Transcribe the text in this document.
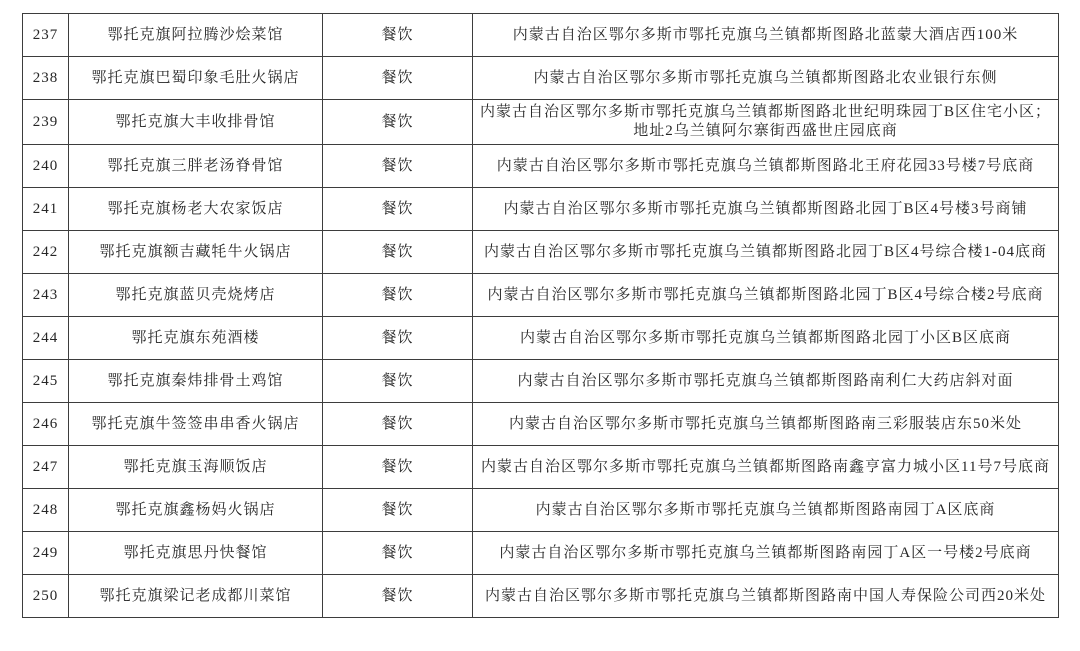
237	鄂托克旗阿拉腾沙烩菜馆	餐饮	内蒙古自治区鄂尔多斯市鄂托克旗乌兰镇都斯图路北蓝蒙大酒店西100米
238	鄂托克旗巴蜀印象毛肚火锅店	餐饮	内蒙古自治区鄂尔多斯市鄂托克旗乌兰镇都斯图路北农业银行东侧
239	鄂托克旗大丰收排骨馆	餐饮	内蒙古自治区鄂尔多斯市鄂托克旗乌兰镇都斯图路北世纪明珠园丁B区住宅小区； 地址2乌兰镇阿尔寨街西盛世庄园底商
240	鄂托克旗三胖老汤脊骨馆	餐饮	内蒙古自治区鄂尔多斯市鄂托克旗乌兰镇都斯图路北王府花园33号楼7号底商
241	鄂托克旗杨老大农家饭店	餐饮	内蒙古自治区鄂尔多斯市鄂托克旗乌兰镇都斯图路北园丁B区4号楼3号商铺
242	鄂托克旗额吉藏牦牛火锅店	餐饮	内蒙古自治区鄂尔多斯市鄂托克旗乌兰镇都斯图路北园丁B区4号综合楼1-04底商
243	鄂托克旗蓝贝壳烧烤店	餐饮	内蒙古自治区鄂尔多斯市鄂托克旗乌兰镇都斯图路北园丁B区4号综合楼2号底商
244	鄂托克旗东苑酒楼	餐饮	内蒙古自治区鄂尔多斯市鄂托克旗乌兰镇都斯图路北园丁小区B区底商
245	鄂托克旗秦炜排骨土鸡馆	餐饮	内蒙古自治区鄂尔多斯市鄂托克旗乌兰镇都斯图路南利仁大药店斜对面
246	鄂托克旗牛签签串串香火锅店	餐饮	内蒙古自治区鄂尔多斯市鄂托克旗乌兰镇都斯图路南三彩服装店东50米处
247	鄂托克旗玉海顺饭店	餐饮	内蒙古自治区鄂尔多斯市鄂托克旗乌兰镇都斯图路南鑫亨富力城小区11号7号底商
248	鄂托克旗鑫杨妈火锅店	餐饮	内蒙古自治区鄂尔多斯市鄂托克旗乌兰镇都斯图路南园丁A区底商
249	鄂托克旗思丹快餐馆	餐饮	内蒙古自治区鄂尔多斯市鄂托克旗乌兰镇都斯图路南园丁A区一号楼2号底商
250	鄂托克旗梁记老成都川菜馆	餐饮	内蒙古自治区鄂尔多斯市鄂托克旗乌兰镇都斯图路南中国人寿保险公司西20米处
